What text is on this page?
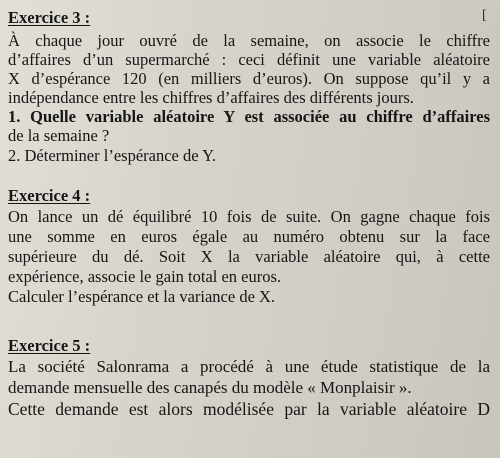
Exercice 3 :	[
À chaque jour ouvré de la semaine, on associe le chiffre
d’affaires d’un supermarché : ceci définit une variable aléatoire
X d’espérance 120 (en milliers d’euros). On suppose qu’il y a
indépendance entre les chiffres d’affaires des différents jours.
1. Quelle variable aléatoire Y est associée au chiffre d’affaires
de la semaine ?
2. Déterminer l’espérance de Y.
Exercice 4 :
On lance un dé équilibré 10 fois de suite. On gagne chaque fois
une somme en euros égale au numéro obtenu sur la face
supérieure du dé. Soit X la variable aléatoire qui, à cette
expérience, associe le gain total en euros.
Calculer l’espérance et la variance de X.
Exercice 5 :
La société Salonrama a procédé à une étude statistique de la
demande mensuelle des canapés du modèle « Monplaisir ».
Cette demande est alors modélisée par la variable aléatoire D
